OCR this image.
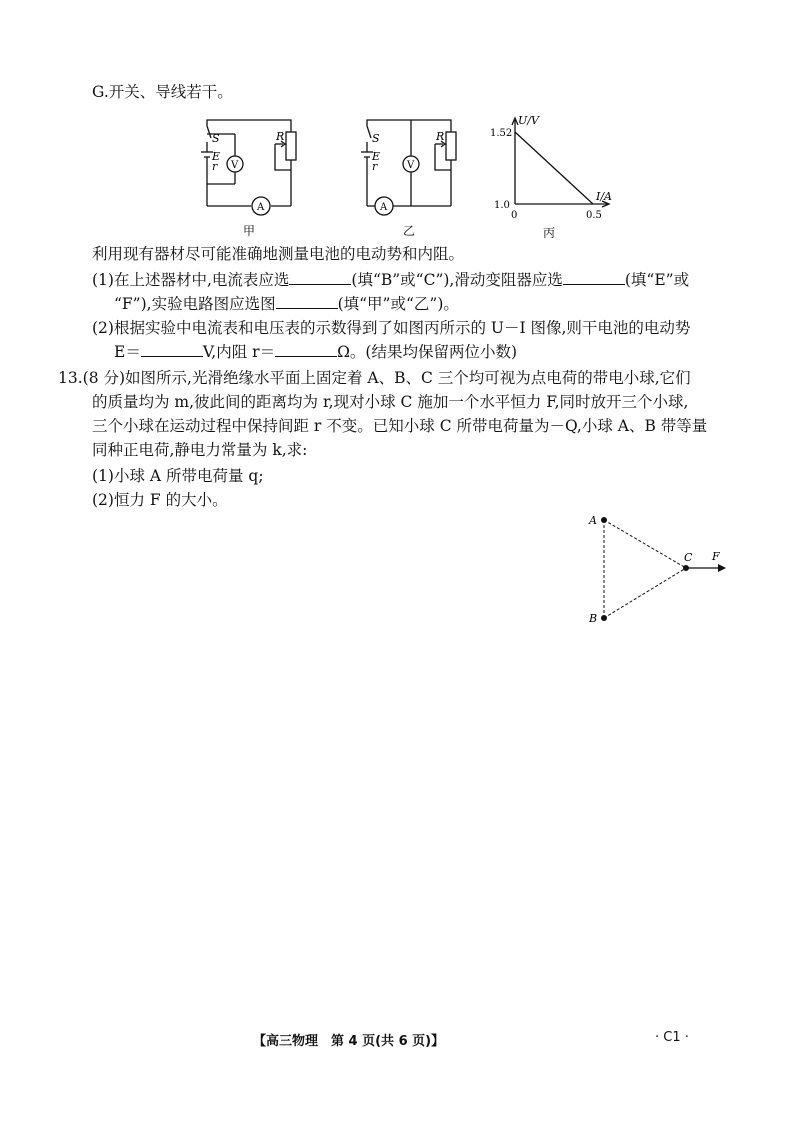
G.开关、导线若干。
S
E
r V
A
R
甲
S
E
r	V
A
R
乙
U/V
I/A
1.52
1.0
0	0.5
丙
利用现有器材尽可能准确地测量电池的电动势和内阻。
(1)在上述器材中,电流表应选	(填“B”或“C”),滑动变阻器应选	(填“E”或
“F”),实验电路图应选图	(填“甲”或“乙”)。
(2)根据实验中电流表和电压表的示数得到了如图丙所示的 U－I 图像,则干电池的电动势
E＝	V,内阻 r＝	Ω。(结果均保留两位小数)
13.(8 分)如图所示,光滑绝缘水平面上固定着 A、B、C 三个均可视为点电荷的带电小球,它们
的质量均为 m,彼此间的距离均为 r,现对小球 C 施加一个水平恒力 F,同时放开三个小球,
三个小球在运动过程中保持间距 r 不变。已知小球 C 所带电荷量为－Q,小球 A、B 带等量
同种正电荷,静电力常量为 k,求:
(1)小球 A 所带电荷量 q;
(2)恒力 F 的大小。
A
B
C F
【高三物理　第 4 页(共 6 页)】	· C1 ·
